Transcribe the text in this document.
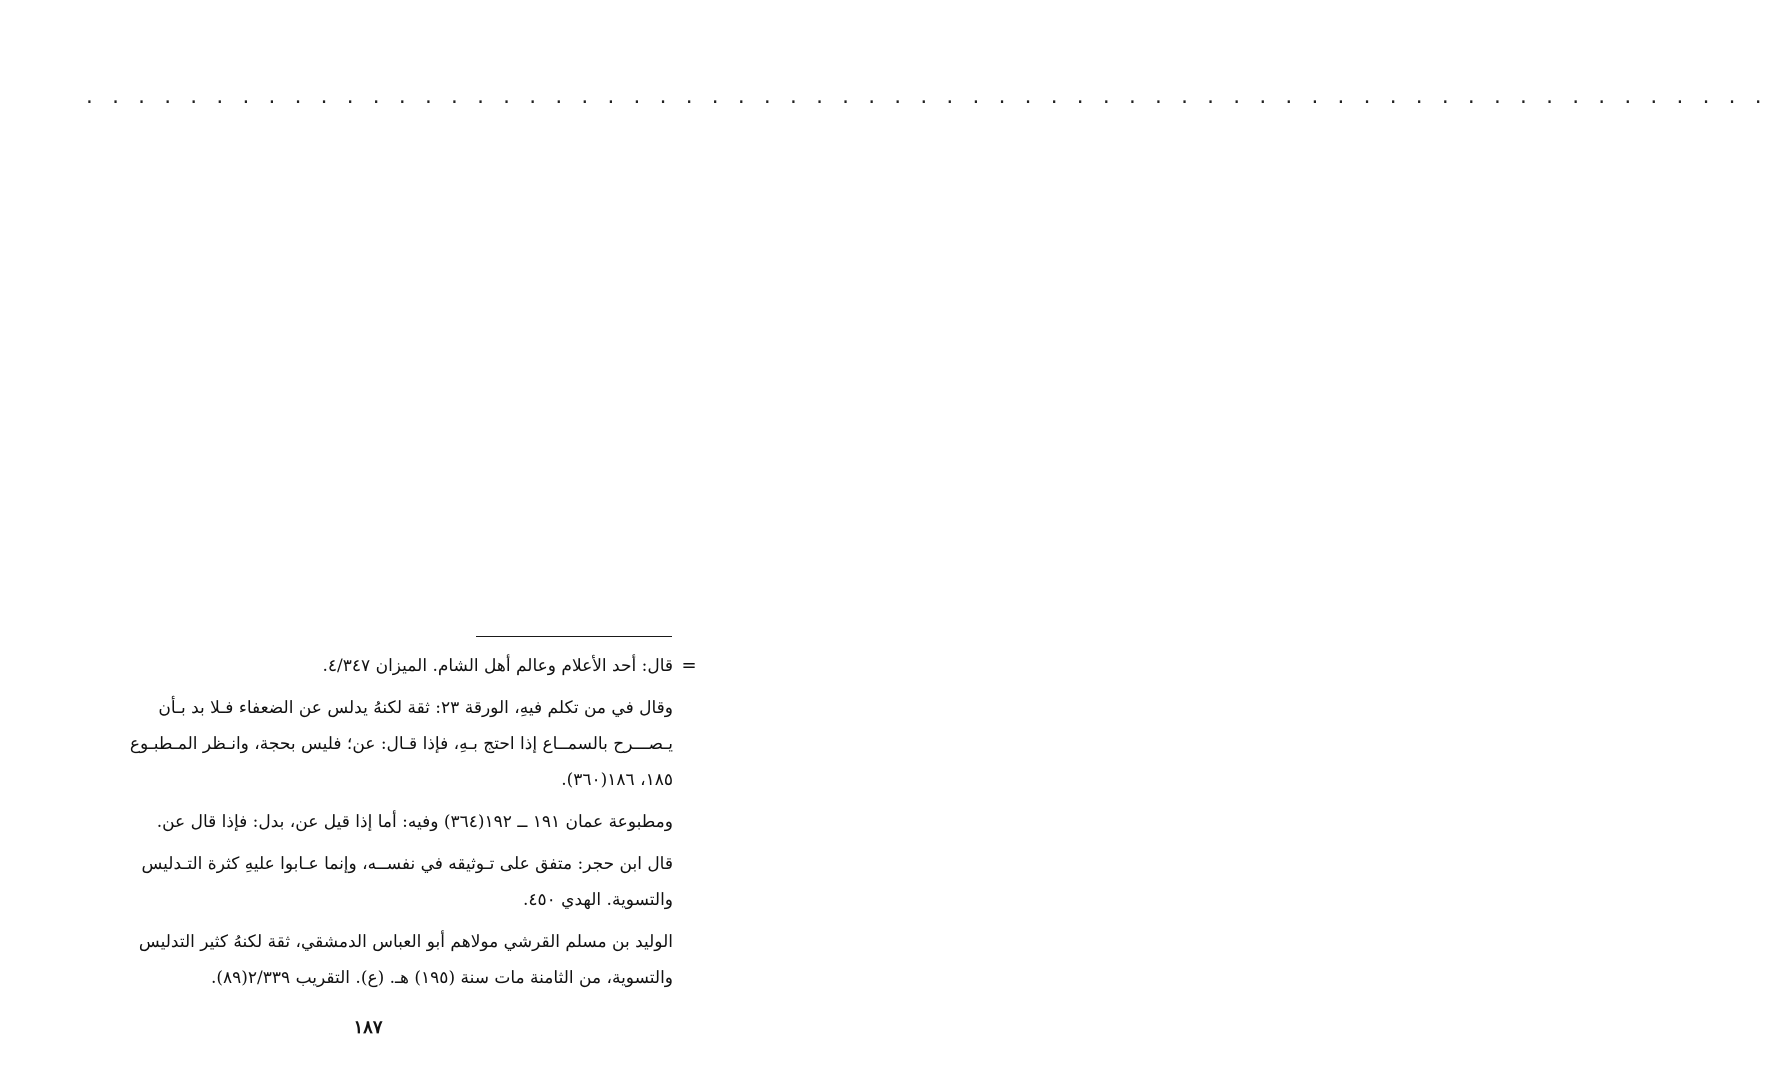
. . . . . . . . . . . . . . . . . . . . . . . . . . . . . . . . . . . . . . . . . . . . . . . . . . . . . . . . . . . . . . . . .
=
قال: أحد الأعلام وعالم أهل الشام. الميزان ٤/٣٤٧.
وقال في من تكلم فيهِ، الورقة ٢٣: ثقة لكنهُ يدلس عن الضعفاء فـلا بد بـأن
يـصـــرح بالسمــاع إذا احتج بـهِ، فإذا قـال: عن؛ فليس بحجة، وانـظر المـطبـوع
١٨٥، ١٨٦(٣٦٠).
ومطبوعة عمان ١٩١ ــ ١٩٢(٣٦٤) وفيه: أما إذا قيل عن، بدل: فإذا قال عن.
قال ابن حجر: متفق على تـوثيقه في نفســه، وإنما عـابوا عليهِ كثرة التـدليس
والتسوية. الهدي ٤٥٠.
الوليد بن مسلم القرشي مولاهم أبو العباس الدمشقي، ثقة لكنهُ كثير التدليس
والتسوية، من الثامنة مات سنة (١٩٥) هـ. (ع). التقريب ٢/٣٣٩(٨٩).
١٨٧
